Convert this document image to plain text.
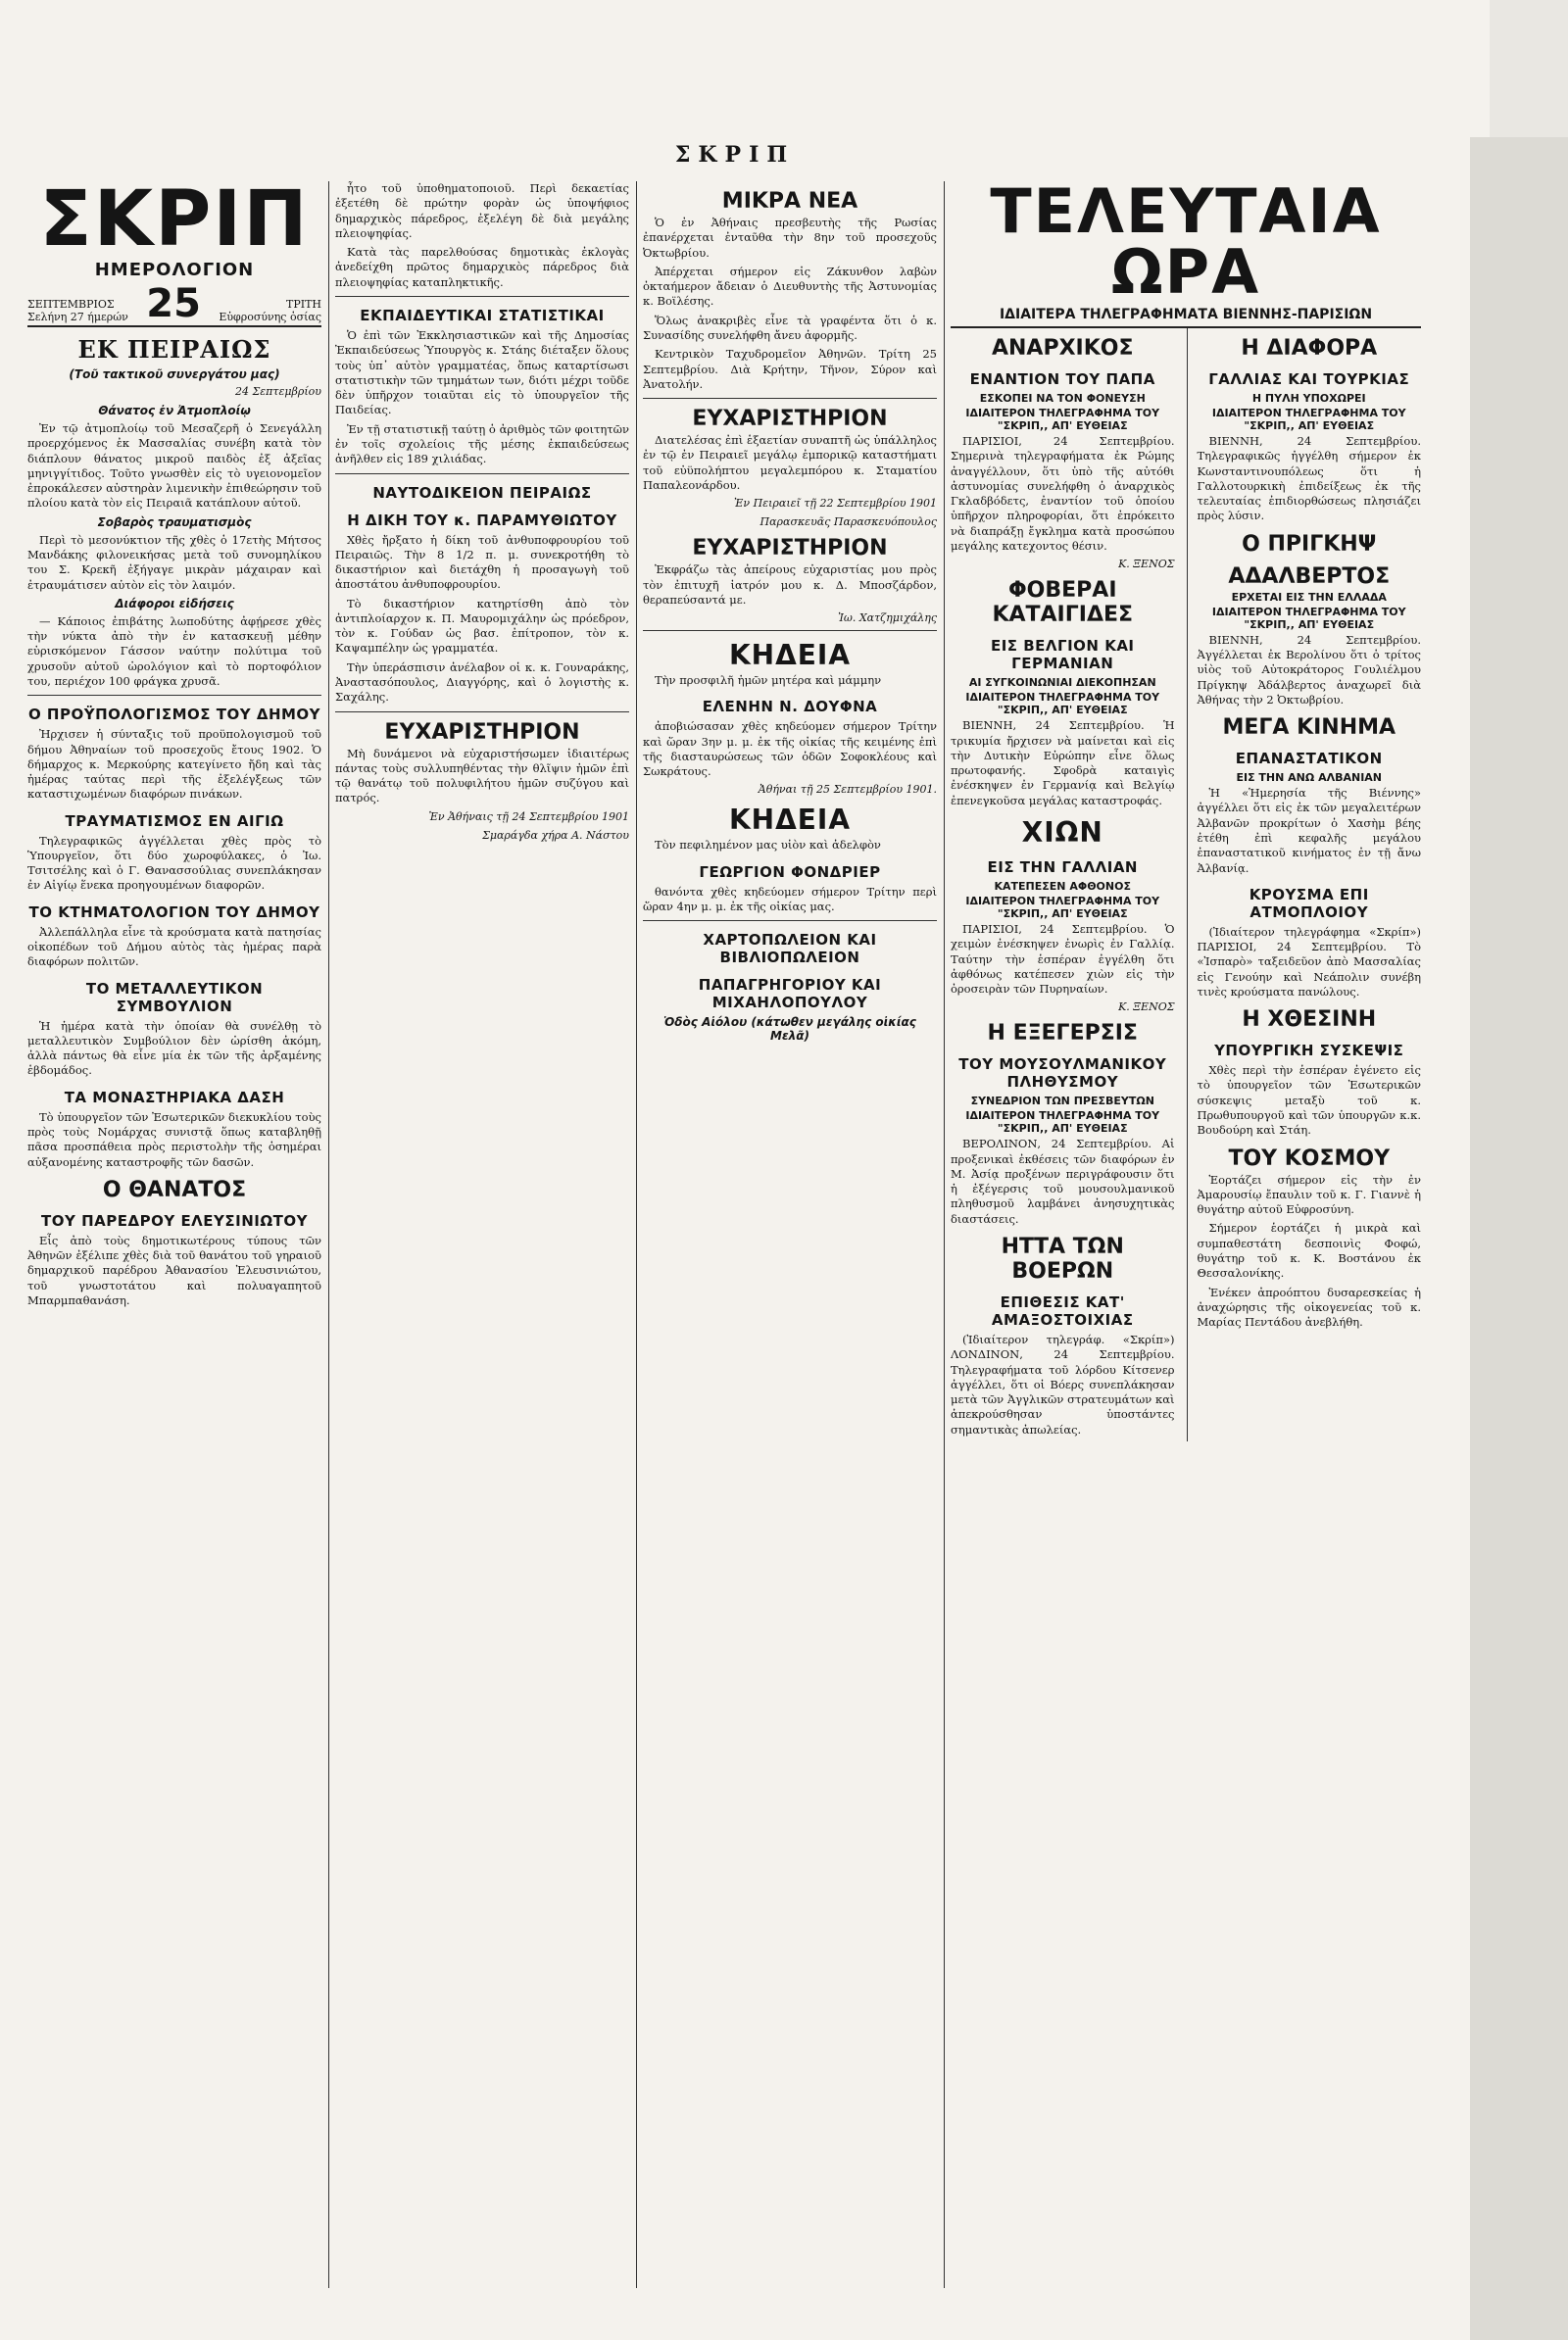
ΣΚΡΙΠ
ΣΚΡΙΠ
ΗΜΕΡΟΛΟΓΙΟΝ
ΣΕΠΤΕΜΒΡΙΟΣ
Σελήνη 27 ήμερών 25	ΤΡΙΤΗ
Εὐφροσύνης ὁσίας
ΕΚ ΠΕΙΡΑΙΩΣ
(Τοῦ τακτικοῦ συνεργάτου μας)
24 Σεπτεμβρίου
Θάνατος ἐν Ἀτμοπλοίῳ

Ἐν τῷ ἀτμοπλοίῳ τοῦ Μεσαζερῆ ὁ Σενεγάλλη προερχόμενος ἐκ Μασσαλίας συνέβη κατὰ τὸν διάπλουν θάνατος μικροῦ παιδὸς ἐξ ἀξεῖας μηνιγγίτιδος. Τοῦτο γνωσθὲν εἰς τὸ υγειονομεῖον ἐπροκάλεσεν αὐστηρὰν λιμενικὴν ἐπιθεώρησιν τοῦ πλοίου κατὰ τὸν εἰς Πειραιᾶ κατάπλουν αὐτοῦ.

Σοβαρὸς τραυματισμὸς

Περὶ τὸ μεσονύκτιον τῆς χθὲς ὁ 17ετὴς Μήτσος Μανδάκης φιλονεικήσας μετὰ τοῦ συνομηλίκου του Σ. Κρεκῆ ἐξήγαγε μικρὰν μάχαιραν καὶ ἐτραυμάτισεν αὐτὸν εἰς τὸν λαιμόν.

Διάφοροι εἰδήσεις

— Κάποιος ἐπιβάτης λωποδύτης ἀφῄρεσε χθὲς τὴν νύκτα ἀπὸ τὴν ἐν κατασκευῇ μέθην εὑρισκόμενον Γάσσον ναύτην πολύτιμα τοῦ χρυσοῦν αὐτοῦ ὡρολόγιον καὶ τὸ πορτοφόλιον του, περιέχον 100 φράγκα χρυσᾶ.

Ο ΠΡΟΫΠΟΛΟΓΙΣΜΟΣ ΤΟΥ ΔΗΜΟΥ

Ἠρχισεν ἡ σύνταξις τοῦ προϋπολογισμοῦ τοῦ δήμου Ἀθηναίων τοῦ προσεχοῦς ἔτους 1902. Ὁ δήμαρχος κ. Μερκούρης κατεγίνετο ἤδη καὶ τὰς ἡμέρας ταύτας περὶ τῆς ἐξελέγξεως τῶν καταστιχωμένων διαφόρων πινάκων.

ΤΡΑΥΜΑΤΙΣΜΟΣ ΕΝ ΑΙΓΙΩ

Τηλεγραφικῶς ἀγγέλλεται χθὲς πρὸς τὸ Ὑπουργεῖον, ὅτι δύο χωροφύλακες, ὁ Ἰω. Τσιτσέλης καὶ ὁ Γ. Θανασσούλιας συνεπλάκησαν ἐν Αἰγίῳ ἕνεκα προηγουμένων διαφορῶν.

ΤΟ ΚΤΗΜΑΤΟΛΟΓΙΟΝ ΤΟΥ ΔΗΜΟΥ

Ἀλλεπάλληλα εἶνε τὰ κρούσματα κατὰ πατησίας οἰκοπέδων τοῦ Δήμου αὐτὸς τὰς ἡμέρας παρὰ διαφόρων πολιτῶν.

ΤΟ ΜΕΤΑΛΛΕΥΤΙΚΟΝ ΣΥΜΒΟΥΛΙΟΝ

Ἡ ἡμέρα κατὰ τὴν ὁποίαν θὰ συνέλθῃ τὸ μεταλλευτικὸν Συμβούλιον δὲν ὡρίσθη ἀκόμη, ἀλλὰ πάντως θὰ εἶνε μία ἐκ τῶν τῆς ἀρξαμένης ἑβδομάδος.

ΤΑ ΜΟΝΑΣΤΗΡΙΑΚΑ ΔΑΣΗ

Τὸ ὑπουργεῖον τῶν Ἐσωτερικῶν διεκυκλίου τοὺς πρὸς τοὺς Νομάρχας συνιστᾷ ὅπως καταβληθῇ πᾶσα προσπάθεια πρὸς περιστολὴν τῆς ὁσημέραι αὐξανομένης καταστροφῆς τῶν δασῶν.

Ο ΘΑΝΑΤΟΣ
ΤΟΥ ΠΑΡΕΔΡΟΥ ΕΛΕΥΣΙΝΙΩΤΟΥ

Εἷς ἀπὸ τοὺς δημοτικωτέρους τύπους τῶν Ἀθηνῶν ἐξέλιπε χθὲς διὰ τοῦ θανάτου τοῦ γηραιοῦ δημαρχικοῦ παρέδρου Ἀθανασίου Ἐλευσινιώτου, τοῦ γνωστοτάτου καὶ πολυαγαπητοῦ Μπαρμπαθανάση.

ἦτο τοῦ ὑποθηματοποιοῦ. Περὶ δεκαετίας ἐξετέθη δὲ πρώτην φορὰν ὡς ὑποψήφιος δημαρχικὸς πάρεδρος, ἐξελέγη δὲ διὰ μεγάλης πλειοψηφίας.

Κατὰ τὰς παρελθούσας δημοτικὰς ἐκλογὰς ἀνεδείχθη πρῶτος δημαρχικὸς πάρεδρος διὰ πλειοψηφίας καταπληκτικῆς.

ΕΚΠΑΙΔΕΥΤΙΚΑΙ ΣΤΑΤΙΣΤΙΚΑΙ

Ὁ ἐπὶ τῶν Ἐκκλησιαστικῶν καὶ τῆς Δημοσίας Ἐκπαιδεύσεως Ὑπουργὸς κ. Στάης διέταξεν ὅλους τοὺς ὑπ᾽ αὐτὸν γραμματέας, ὅπως καταρτίσωσι στατιστικὴν τῶν τμημάτων των, διότι μέχρι τοῦδε δὲν ὑπῆρχον τοιαῦται εἰς τὸ ὑπουργεῖον τῆς Παιδείας.

Ἐν τῇ στατιστικῇ ταύτῃ ὁ ἀριθμὸς τῶν φοιτητῶν ἐν τοῖς σχολείοις τῆς μέσης ἐκπαιδεύσεως ἀνῆλθεν εἰς 189 χιλιάδας.

ΝΑΥΤΟΔΙΚΕΙΟΝ ΠΕΙΡΑΙΩΣ
Η ΔΙΚΗ ΤΟΥ κ. ΠΑΡΑΜΥΘΙΩΤΟΥ

Χθὲς ἤρξατο ἡ δίκη τοῦ ἀνθυποφρουρίου τοῦ Πειραιῶς. Τὴν 8 1/2 π. μ. συνεκροτήθη τὸ δικαστήριον καὶ διετάχθη ἡ προσαγωγὴ τοῦ ἀποστάτου ἀνθυποφρουρίου.

Τὸ δικαστήριον κατηρτίσθη ἀπὸ τὸν ἀντιπλοίαρχον κ. Π. Μαυρομιχάλην ὡς πρόεδρον, τὸν κ. Γούδαν ὡς βασ. ἐπίτροπον, τὸν κ. Καψαμπέλην ὡς γραμματέα.

Τὴν ὑπεράσπισιν ἀνέλαβον οἱ κ. κ. Γουναράκης, Ἀναστασόπουλος, Διαγγόρης, καὶ ὁ λογιστὴς κ. Σαχάλης.

ΕΥΧΑΡΙΣΤΗΡΙΟΝ

Μὴ δυνάμενοι νὰ εὐχαριστήσωμεν ἰδιαιτέρως πάντας τοὺς συλλυπηθέντας τὴν θλῖψιν ἡμῶν ἐπὶ τῷ θανάτῳ τοῦ πολυφιλήτου ἡμῶν συζύγου καὶ πατρός.

Ἐν Ἀθήναις τῇ 24 Σεπτεμβρίου 1901
Σμαράγδα χήρα Α. Νάστου
ΜΙΚΡΑ ΝΕΑ

Ὁ ἐν Ἀθήναις πρεσβευτὴς τῆς Ρωσίας ἐπανέρχεται ἐνταῦθα τὴν 8ην τοῦ προσεχοῦς Ὀκτωβρίου.

Ἀπέρχεται σήμερον εἰς Ζάκυνθον λαβὼν ὀκταήμερον ἄδειαν ὁ Διευθυντὴς τῆς Ἀστυνομίας κ. Βοϊλέσης.

Ὅλως ἀνακριβὲς εἶνε τὰ γραφέντα ὅτι ὁ κ. Συνασίδης συνελήφθη ἄνευ ἀφορμῆς.

Κεντρικὸν Ταχυδρομεῖον Ἀθηνῶν. Τρίτη 25 Σεπτεμβρίου. Διὰ Κρήτην, Τῆνον, Σύρον καὶ Ἀνατολήν.

ΕΥΧΑΡΙΣΤΗΡΙΟΝ

Διατελέσας ἐπὶ ἑξαετίαν συναπτῆ ὡς ὑπάλληλος ἐν τῷ ἐν Πειραιεῖ μεγάλῳ ἐμπορικῷ καταστήματι τοῦ εὐϋπολήπτου μεγαλεμπόρου κ. Σταματίου Παπαλεονάρδου.

Ἐν Πειραιεῖ τῇ 22 Σεπτεμβρίου 1901
Παρασκευᾶς Παρασκευόπουλος
ΕΥΧΑΡΙΣΤΗΡΙΟΝ

Ἐκφράζω τὰς ἀπείρους εὐχαριστίας μου πρὸς τὸν ἐπιτυχῆ ἰατρόν μου κ. Δ. Μποσζάρδον, θεραπεύσαντά με.

Ἰω. Χατζημιχάλης
ΚΗΔΕΙΑ

Τὴν προσφιλῆ ἡμῶν μητέρα καὶ μάμμην

ΕΛΕΝΗΝ Ν. ΔΟΥΦΝΑ

ἀποβιώσασαν χθὲς κηδεύομεν σήμερον Τρίτην καὶ ὥραν 3ην μ. μ. ἐκ τῆς οἰκίας τῆς κειμένης ἐπὶ τῆς διασταυρώσεως τῶν ὁδῶν Σοφοκλέους καὶ Σωκράτους.

Ἀθήναι τῇ 25 Σεπτεμβρίου 1901.
ΚΗΔΕΙΑ

Τὸν πεφιλημένον μας υἱὸν καὶ ἀδελφὸν

ΓΕΩΡΓΙΟΝ ΦΟΝΔΡΙΕΡ

θανόντα χθὲς κηδεύομεν σήμερον Τρίτην περὶ ὥραν 4ην μ. μ. ἐκ τῆς οἰκίας μας.

ΧΑΡΤΟΠΩΛΕΙΟΝ ΚΑΙ ΒΙΒΛΙΟΠΩΛΕΙΟΝ
ΠΑΠΑΓΡΗΓΟΡΙΟΥ ΚΑΙ ΜΙΧΑΗΛΟΠΟΥΛΟΥ
Ὁδὸς Αἰόλου (κάτωθεν μεγάλης οἰκίας Μελᾶ)
ΤΕΛΕΥΤΑΙΑ ΩΡΑ
ΙΔΙΑΙΤΕΡΑ ΤΗΛΕΓΡΑΦΗΜΑΤΑ ΒΙΕΝΝΗΣ-ΠΑΡΙΣΙΩΝ
ΑΝΑΡΧΙΚΟΣ
ΕΝΑΝΤΙΟΝ ΤΟΥ ΠΑΠΑ
ΕΣΚΟΠΕΙ ΝΑ ΤΟΝ ΦΟΝΕΥΣΗ
ΙΔΙΑΙΤΕΡΟΝ ΤΗΛΕΓΡΑΦΗΜΑ ΤΟΥ "ΣΚΡΙΠ,, ΑΠ' ΕΥΘΕΙΑΣ

ΠΑΡΙΣΙΟΙ, 24 Σεπτεμβρίου. Σημερινὰ τηλεγραφήματα ἐκ Ρώμης ἀναγγέλλουν, ὅτι ὑπὸ τῆς αὐτόθι ἀστυνομίας συνελήφθη ὁ ἀναρχικὸς Γκλαδβόδετς, ἐναντίον τοῦ ὁποίου ὑπῆρχον πληροφορίαι, ὅτι ἐπρόκειτο νὰ διαπράξῃ ἔγκλημα κατὰ προσώπου μεγάλης κατεχοντος θέσιν.

Κ. ΞΕΝΟΣ
ΦΟΒΕΡΑΙ ΚΑΤΑΙΓΙΔΕΣ
ΕΙΣ ΒΕΛΓΙΟΝ ΚΑΙ ΓΕΡΜΑΝΙΑΝ
ΑΙ ΣΥΓΚΟΙΝΩΝΙΑΙ ΔΙΕΚΟΠΗΣΑΝ
ΙΔΙΑΙΤΕΡΟΝ ΤΗΛΕΓΡΑΦΗΜΑ ΤΟΥ "ΣΚΡΙΠ,, ΑΠ' ΕΥΘΕΙΑΣ

ΒΙΕΝΝΗ, 24 Σεπτεμβρίου. Ἡ τρικυμία ἤρχισεν νὰ μαίνεται καὶ εἰς τὴν Δυτικὴν Εὐρώπην εἶνε ὅλως πρωτοφανής. Σφοδρὰ καταιγὶς ἐνέσκηψεν ἐν Γερμανίᾳ καὶ Βελγίῳ ἐπενεγκοῦσα μεγάλας καταστροφάς.

ΧΙΩΝ
ΕΙΣ ΤΗΝ ΓΑΛΛΙΑΝ
ΚΑΤΕΠΕΣΕΝ ΑΦΘΟΝΟΣ
ΙΔΙΑΙΤΕΡΟΝ ΤΗΛΕΓΡΑΦΗΜΑ ΤΟΥ "ΣΚΡΙΠ,, ΑΠ' ΕΥΘΕΙΑΣ

ΠΑΡΙΣΙΟΙ, 24 Σεπτεμβρίου. Ὁ χειμὼν ἐνέσκηψεν ἐνωρὶς ἐν Γαλλίᾳ. Ταύτην τὴν ἑσπέραν ἐγγέλθη ὅτι ἀφθόνως κατέπεσεν χιὼν εἰς τὴν ὀροσειρὰν τῶν Πυρηναίων.

Κ. ΞΕΝΟΣ
Η ΕΞΕΓΕΡΣΙΣ
ΤΟΥ ΜΟΥΣΟΥΛΜΑΝΙΚΟΥ ΠΛΗΘΥΣΜΟΥ
ΣΥΝΕΔΡΙΟΝ ΤΩΝ ΠΡΕΣΒΕΥΤΩΝ
ΙΔΙΑΙΤΕΡΟΝ ΤΗΛΕΓΡΑΦΗΜΑ ΤΟΥ "ΣΚΡΙΠ,, ΑΠ' ΕΥΘΕΙΑΣ

ΒΕΡΟΛΙΝΟΝ, 24 Σεπτεμβρίου. Αἱ προξενικαὶ ἐκθέσεις τῶν διαφόρων ἐν Μ. Ἀσίᾳ προξένων περιγράφουσιν ὅτι ἡ ἐξέγερσις τοῦ μουσουλμανικοῦ πληθυσμοῦ λαμβάνει ἀνησυχητικὰς διαστάσεις.

ΗΤΤΑ ΤΩΝ ΒΟΕΡΩΝ
ΕΠΙΘΕΣΙΣ ΚΑΤ' ΑΜΑΞΟΣΤΟΙΧΙΑΣ

(Ἰδιαίτερον τηλεγράφ. «Σκρίπ») ΛΟΝΔΙΝΟΝ, 24 Σεπτεμβρίου. Τηλεγραφήματα τοῦ λόρδου Κίτσενερ ἀγγέλλει, ὅτι οἱ Βόερς συνεπλάκησαν μετὰ τῶν Ἀγγλικῶν στρατευμάτων καὶ ἀπεκρούσθησαν ὑποστάντες σημαντικὰς ἀπωλείας.

Η ΔΙΑΦΟΡΑ
ΓΑΛΛΙΑΣ ΚΑΙ ΤΟΥΡΚΙΑΣ
Η ΠΥΛΗ ΥΠΟΧΩΡΕΙ
ΙΔΙΑΙΤΕΡΟΝ ΤΗΛΕΓΡΑΦΗΜΑ ΤΟΥ "ΣΚΡΙΠ,, ΑΠ' ΕΥΘΕΙΑΣ

ΒΙΕΝΝΗ, 24 Σεπτεμβρίου. Τηλεγραφικῶς ἠγγέλθη σήμερον ἐκ Κωνσταντινουπόλεως ὅτι ἡ Γαλλοτουρκικὴ ἐπιδείξεως ἐκ τῆς τελευταίας ἐπιδιορθώσεως πλησιάζει πρὸς λύσιν.

Ο ΠΡΙΓΚΗΨ
ΑΔΑΛΒΕΡΤΟΣ
ΕΡΧΕΤΑΙ ΕΙΣ ΤΗΝ ΕΛΛΑΔΑ
ΙΔΙΑΙΤΕΡΟΝ ΤΗΛΕΓΡΑΦΗΜΑ ΤΟΥ "ΣΚΡΙΠ,, ΑΠ' ΕΥΘΕΙΑΣ

ΒΙΕΝΝΗ, 24 Σεπτεμβρίου. Ἀγγέλλεται ἐκ Βερολίνου ὅτι ὁ τρίτος υἱὸς τοῦ Αὐτοκράτορος Γουλιέλμου Πρίγκηψ Ἀδάλβερτος ἀναχωρεῖ διὰ Ἀθήνας τὴν 2 Ὀκτωβρίου.

ΜΕΓΑ ΚΙΝΗΜΑ
ΕΠΑΝΑΣΤΑΤΙΚΟΝ
ΕΙΣ ΤΗΝ ΑΝΩ ΑΛΒΑΝΙΑΝ

Ἡ «Ἡμερησία τῆς Βιέννης» ἀγγέλλει ὅτι εἰς ἐκ τῶν μεγαλειτέρων Ἀλβανῶν προκρίτων ὁ Χασὴμ βέης ἐτέθη ἐπὶ κεφαλῆς μεγάλου ἐπαναστατικοῦ κινήματος ἐν τῇ ἄνω Ἀλβανίᾳ.

ΚΡΟΥΣΜΑ ΕΠΙ ΑΤΜΟΠΛΟΙΟΥ

(Ἰδιαίτερον τηλεγράφημα «Σκρίπ») ΠΑΡΙΣΙΟΙ, 24 Σεπτεμβρίου. Τὸ «Ἰσπαρὸ» ταξειδεῦον ἀπὸ Μασσαλίας εἰς Γενούην καὶ Νεάπολιν συνέβη τινὲς κρούσματα πανώλους.

Η ΧΘΕΣΙΝΗ
ΥΠΟΥΡΓΙΚΗ ΣΥΣΚΕΨΙΣ

Χθὲς περὶ τὴν ἑσπέραν ἐγένετο εἰς τὸ ὑπουργεῖον τῶν Ἐσωτερικῶν σύσκεψις μεταξὺ τοῦ κ. Πρωθυπουργοῦ καὶ τῶν ὑπουργῶν κ.κ. Βουδούρη καὶ Στάη.

ΤΟΥ ΚΟΣΜΟΥ

Ἑορτάζει σήμερον εἰς τὴν ἐν Ἀμαρουσίῳ ἔπαυλιν τοῦ κ. Γ. Γιαννὲ ἡ θυγάτηρ αὐτοῦ Εὐφροσύνη.

Σήμερον ἑορτάζει ἡ μικρὰ καὶ συμπαθεστάτη δεσποινὶς Φοφώ, θυγάτηρ τοῦ κ. Κ. Βοστάνου ἐκ Θεσσαλονίκης.

Ἐνέκεν ἀπροόπτου δυσαρεσκείας ἡ ἀναχώρησις τῆς οἰκογενείας τοῦ κ. Μαρίας Πεντάδου ἀνεβλήθη.
